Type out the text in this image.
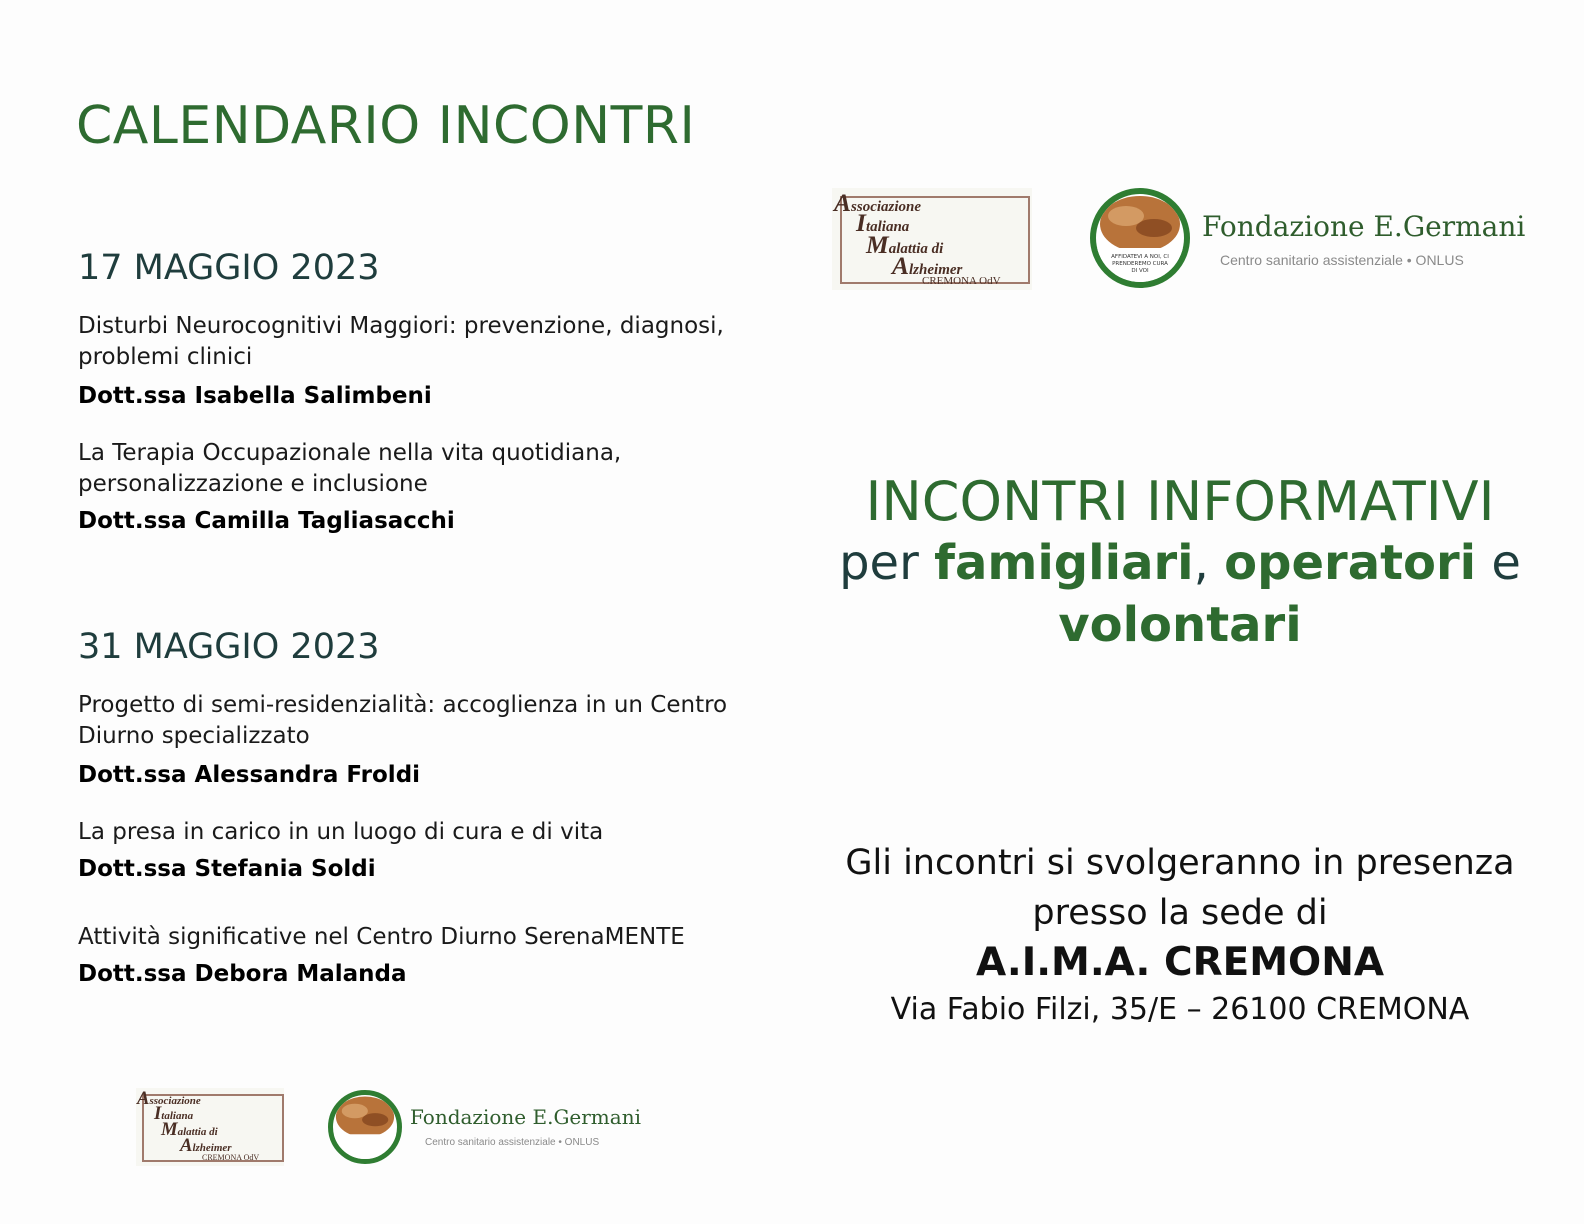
CALENDARIO INCONTRI
17 MAGGIO 2023
Disturbi Neurocognitivi Maggiori: prevenzione, diagnosi, problemi clinici
Dott.ssa Isabella Salimbeni
La Terapia Occupazionale nella vita quotidiana, personalizzazione e inclusione
Dott.ssa Camilla Tagliasacchi
31 MAGGIO 2023
Progetto di semi-residenzialità: accoglienza in un Centro Diurno specializzato
Dott.ssa Alessandra Froldi
La presa in carico in un luogo di cura e di vita
Dott.ssa Stefania Soldi
Attività significative nel Centro Diurno SerenaMENTE
Dott.ssa Debora Malanda
Associazione
Italiana
Malattia di
Alzheimer
CREMONA OdV
AFFIDATEVI A NOI, CI
PRENDEREMO CURA
DI VOI
Fondazione E.Germani
Centro sanitario assistenziale • ONLUS
INCONTRI INFORMATIVI
per famigliari, operatori e
volontari
Gli incontri si svolgeranno in presenza
presso la sede di
A.I.M.A. CREMONA
Via Fabio Filzi, 35/E – 26100 CREMONA
Associazione
Italiana
Malattia di
Alzheimer
CREMONA OdV
Fondazione E.Germani
Centro sanitario assistenziale • ONLUS
